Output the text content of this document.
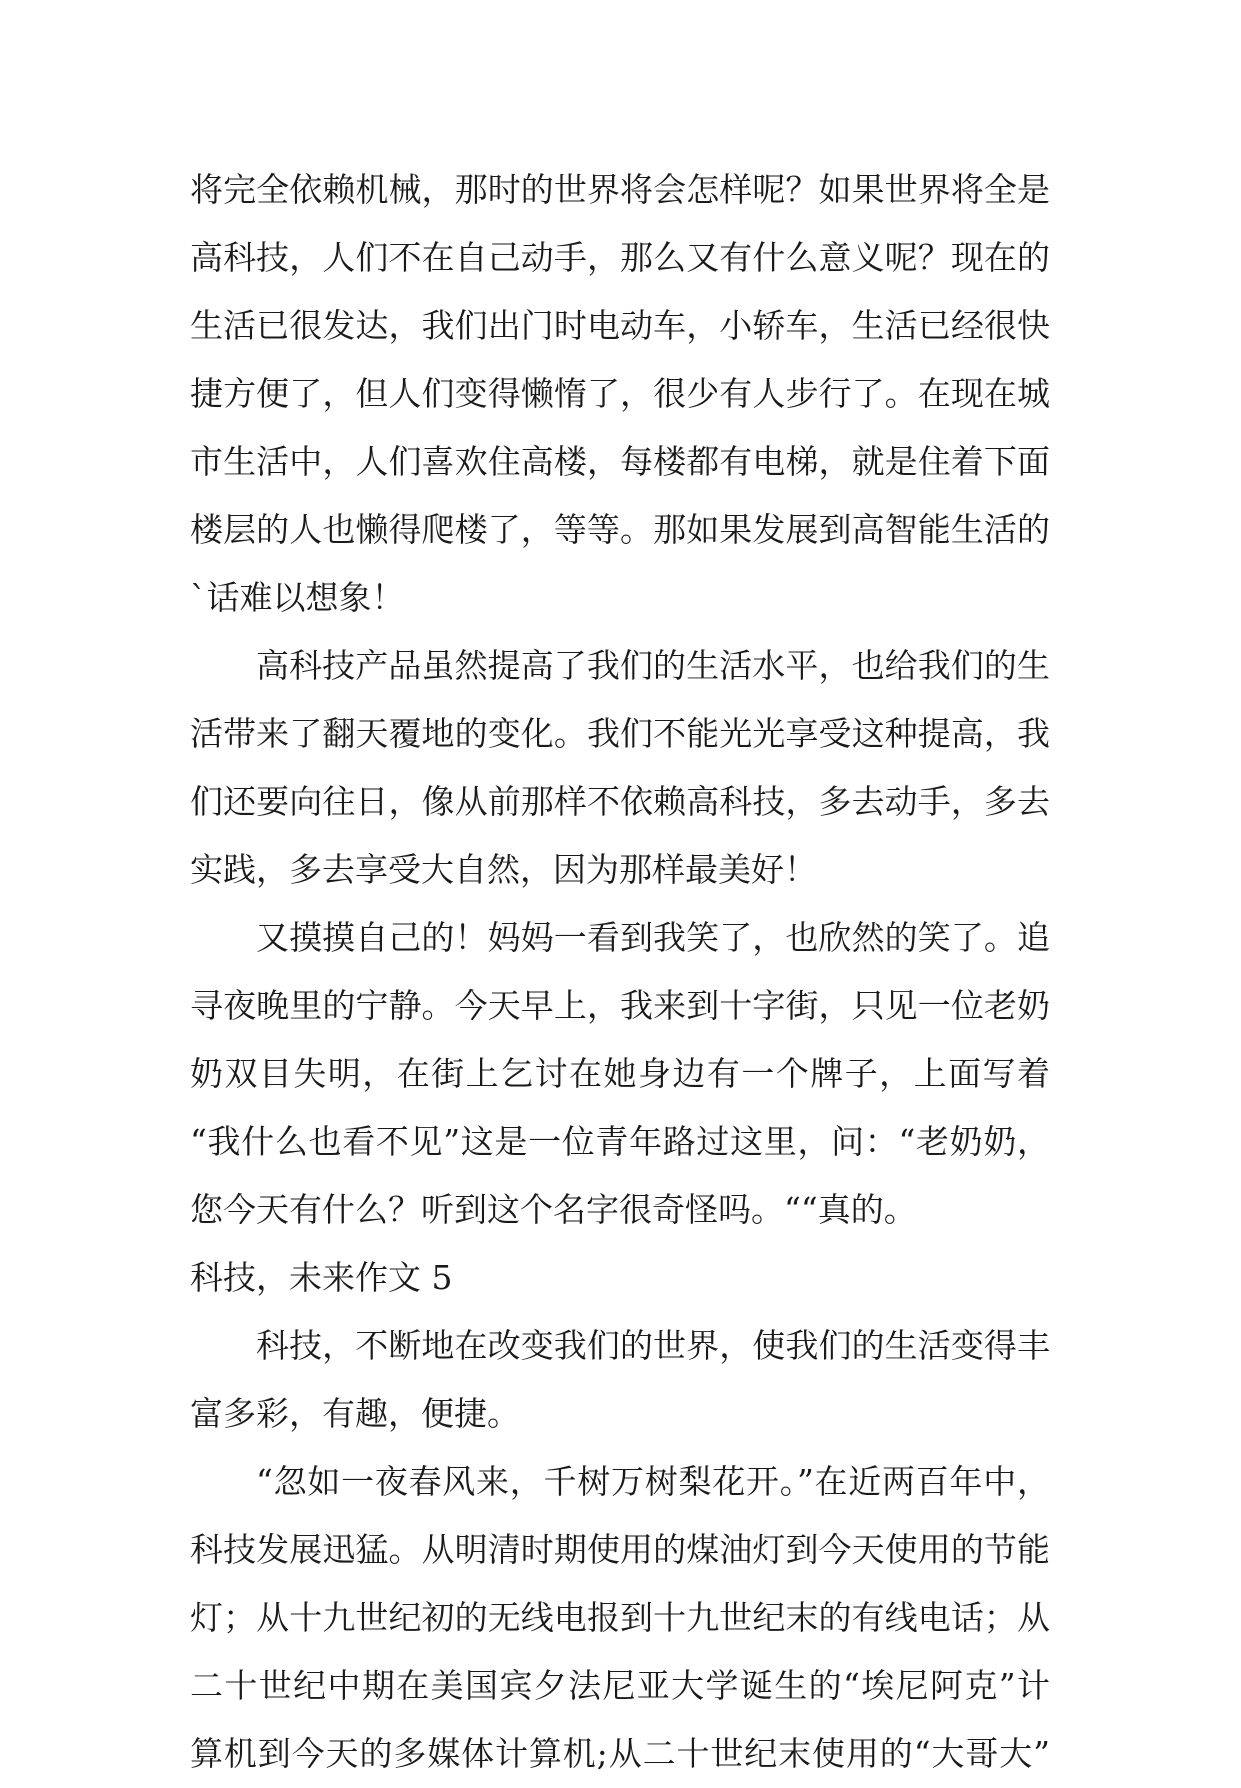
将完全依赖机械，那时的世界将会怎样呢？如果世界将全是
高科技，人们不在自己动手，那么又有什么意义呢？现在的
生活已很发达，我们出门时电动车，小轿车，生活已经很快
捷方便了，但人们变得懒惰了，很少有人步行了。在现在城
市生活中，人们喜欢住高楼，每楼都有电梯，就是住着下面
楼层的人也懒得爬楼了，等等。那如果发展到高智能生活的
`话难以想象！
高科技产品虽然提高了我们的生活水平，也给我们的生
活带来了翻天覆地的变化。我们不能光光享受这种提高，我
们还要向往日，像从前那样不依赖高科技，多去动手，多去
实践，多去享受大自然，因为那样最美好！
又摸摸自己的！妈妈一看到我笑了，也欣然的笑了。追
寻夜晚里的宁静。今天早上，我来到十字街，只见一位老奶
奶双目失明，在街上乞讨在她身边有一个牌子，上面写着
“我什么也看不见”这是一位青年路过这里，问：“老奶奶，
您今天有什么？听到这个名字很奇怪吗。““真的。
科技，未来作文 5
科技，不断地在改变我们的世界，使我们的生活变得丰
富多彩，有趣，便捷。
“忽如一夜春风来，千树万树梨花开。”在近两百年中，
科技发展迅猛。从明清时期使用的煤油灯到今天使用的节能
灯；从十九世纪初的无线电报到十九世纪末的有线电话；从
二十世纪中期在美国宾夕法尼亚大学诞生的“埃尼阿克”计
算机到今天的多媒体计算机;从二十世纪末使用的“大哥大”
